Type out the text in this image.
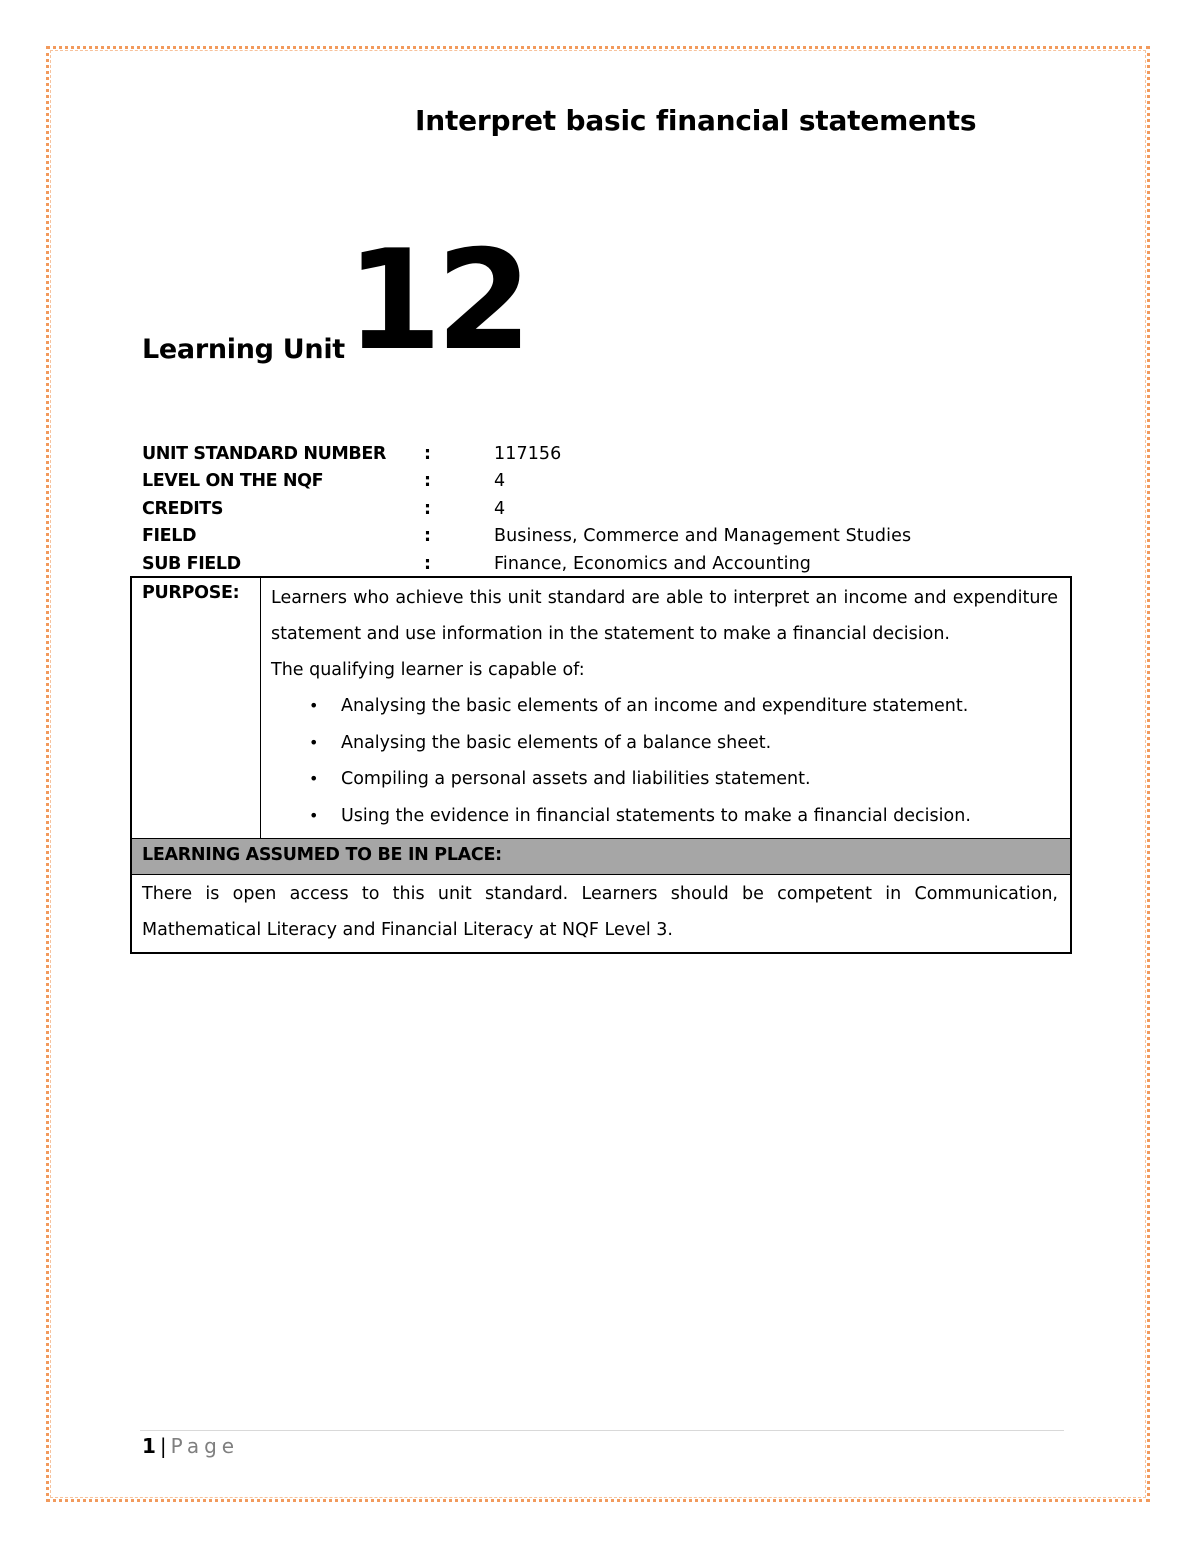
Interpret basic financial statements
Learning Unit 12
UNIT STANDARD NUMBER	:	117156
LEVEL ON THE NQF	:	4
CREDITS	:	4
FIELD	:	Business, Commerce and Management Studies
SUB FIELD	:	Finance, Economics and Accounting
PURPOSE:	Learners who achieve this unit standard are able to interpret an income and expenditure statement and use information in the statement to make a financial decision.

The qualifying learner is capable of:

• Analysing the basic elements of an income and expenditure statement.
• Analysing the basic elements of a balance sheet.
• Compiling a personal assets and liabilities statement.
• Using the evidence in financial statements to make a financial decision.

LEARNING ASSUMED TO BE IN PLACE:
There is open access to this unit standard. Learners should be competent in Communication, Mathematical Literacy and Financial Literacy at NQF Level 3.
1 | Page
